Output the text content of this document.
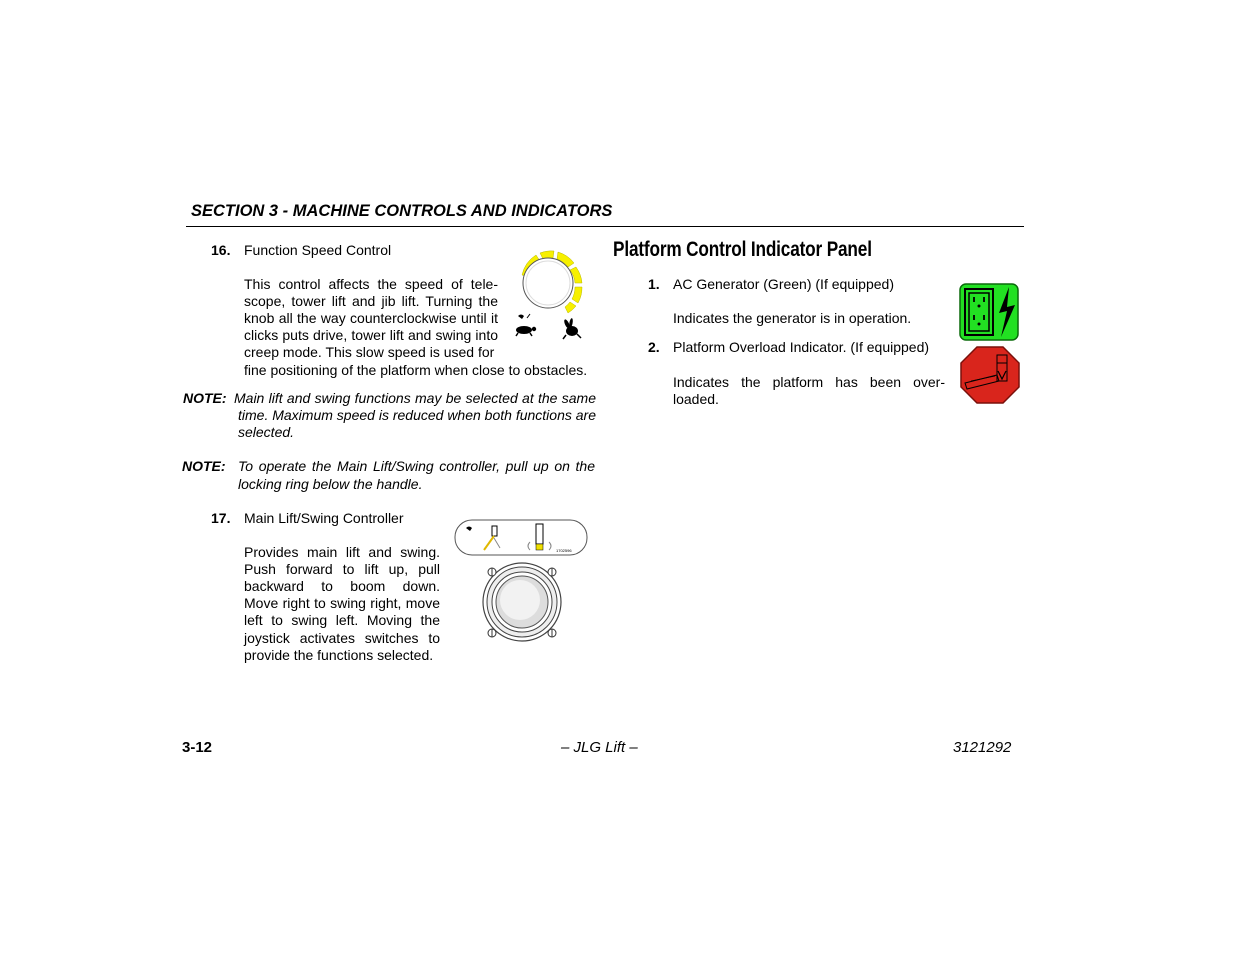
SECTION 3 - MACHINE CONTROLS AND INDICATORS
16. Function Speed Control
This control affects the speed of tele-
scope, tower lift and jib lift. Turning the
knob all the way counterclockwise until it
clicks puts drive, tower lift and swing into
creep mode. This slow speed is used for
fine positioning of the platform when close to obstacles.
NOTE: Main lift and swing functions may be selected at the same
time. Maximum speed is reduced when both functions are
selected.
NOTE: To operate the Main Lift/Swing controller, pull up on the
locking ring below the handle.
17. Main Lift/Swing Controller
Provides main lift and swing.
Push forward to lift up, pull
backward to boom down.
Move right to swing right, move
left to swing left. Moving the
joystick activates switches to
provide the functions selected.
1702596
Platform Control Indicator Panel
1. AC Generator (Green) (If equipped)
Indicates the generator is in operation.
2. Platform Overload Indicator. (If equipped)
Indicates the platform has been over-
loaded.
3-12	– JLG Lift –	3121292
